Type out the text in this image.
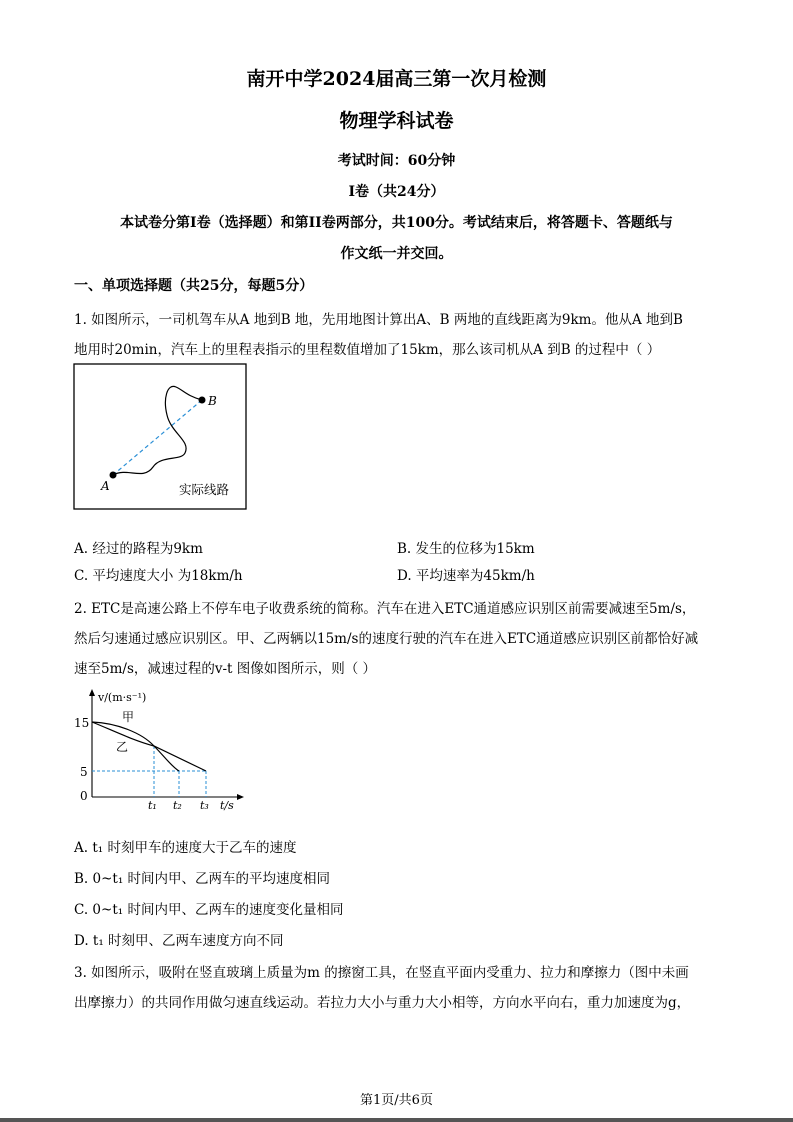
南开中学2024届高三第一次月检测
物理学科试卷
考试时间：60分钟
I卷（共24分）
本试卷分第I卷（选择题）和第II卷两部分，共100分。考试结束后，将答题卡、答题纸与
作文纸一并交回。
一、单项选择题（共25分，每题5分）
1. 如图所示，一司机驾车从A 地到B 地，先用地图计算出A、B 两地的直线距离为9km。他从A 地到B
地用时20min，汽车上的里程表指示的里程数值增加了15km，那么该司机从A 到B 的过程中（ ）
A
B
实际线路
A. 经过的路程为9km	B. 发生的位移为15km
C. 平均速度大小 为18km/h	D. 平均速率为45km/h
2. ETC是高速公路上不停车电子收费系统的简称。汽车在进入ETC通道感应识别区前需要减速至5m/s，
然后匀速通过感应识别区。甲、乙两辆以15m/s的速度行驶的汽车在进入ETC通道感应识别区前都恰好减
速至5m/s，减速过程的v-t 图像如图所示，则（ ）
v/(m·s⁻¹)
t/s
15
5
0
甲
乙
t₁ t₂ t₃
A. t₁ 时刻甲车的速度大于乙车的速度
B. 0~t₁ 时间内甲、乙两车的平均速度相同
C. 0~t₁ 时间内甲、乙两车的速度变化量相同
D. t₁ 时刻甲、乙两车速度方向不同
3. 如图所示，吸附在竖直玻璃上质量为m 的擦窗工具，在竖直平面内受重力、拉力和摩擦力（图中未画
出摩擦力）的共同作用做匀速直线运动。若拉力大小与重力大小相等，方向水平向右，重力加速度为g，
第1页/共6页
